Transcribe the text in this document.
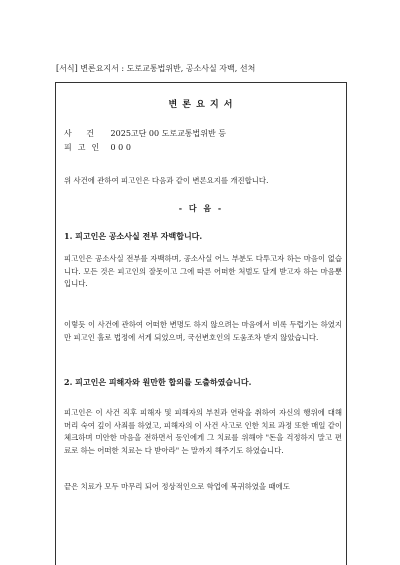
[서식] 변론요지서 : 도로교통법위반, 공소사실 자백, 선처
변 론 요 지 서
사 건 2025고단 00 도로교통법위반 등
피고인 0 0 0
위 사건에 관하여 피고인은 다음과 같이 변론요지를 개진합니다.
- 다 음 -
1. 피고인은 공소사실 전부 자백합니다.
피고인은 공소사실 전부를 자백하며, 공소사실 어느 부분도 다투고자 하는 마음이 없습니다. 모든 것은 피고인의 잘못이고 그에 따른 어떠한 처벌도 달게 받고자 하는 마음뿐입니다.
이렇듯 이 사건에 관하여 어떠한 변명도 하지 않으려는 마음에서 비록 두렵기는 하였지만 피고인 홀로 법정에 서게 되었으며, 국선변호인의 도움조차 받지 않았습니다.
2. 피고인은 피해자와 원만한 합의를 도출하였습니다.
피고인은 이 사건 직후 피해자 및 피해자의 부친과 연락을 취하여 자신의 행위에 대해 머리 숙여 깊이 사죄를 하였고, 피해자의 이 사건 사고로 인한 치료 과정 또한 매일 같이 체크하며 미안한 마음을 전하면서 동인에게 그 치료를 위해야 "돈을 걱정하지 말고 편료로 하는 어떠한 치료는 다 받아라" 는 말까지 해주기도 하였습니다.
끝은 치료가 모두 마무리 되어 정상적인으로 학업에 복귀하였을 때에도
